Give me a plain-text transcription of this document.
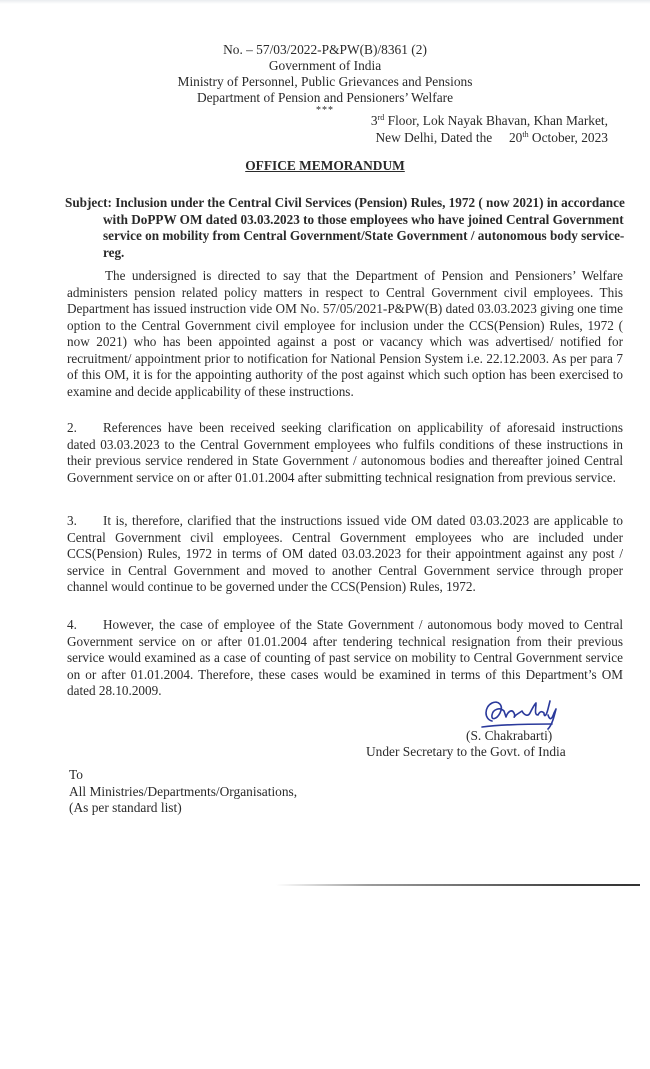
No. – 57/03/2022-P&PW(B)/8361 (2)
Government of India
Ministry of Personnel, Public Grievances and Pensions
Department of Pension and Pensioners’ Welfare
***
3rd Floor, Lok Nayak Bhavan, Khan Market,
New Delhi, Dated the     20th October, 2023
OFFICE MEMORANDUM
Subject: Inclusion under the Central Civil Services (Pension) Rules, 1972 ( now 2021) in accordance with DoPPW OM dated 03.03.2023 to those employees who have joined Central Government service on mobility from Central Government/State Government / autonomous body service- reg.
The undersigned is directed to say that the Department of Pension and Pensioners’ Welfare administers pension related policy matters in respect to Central Government civil employees. This Department has issued instruction vide OM No. 57/05/2021-P&PW(B) dated 03.03.2023 giving one time option to the Central Government civil employee for inclusion under the CCS(Pension) Rules, 1972 ( now 2021) who has been appointed against a post or vacancy which was advertised/ notified for recruitment/ appointment prior to notification for National Pension System i.e. 22.12.2003. As per para 7 of this OM, it is for the appointing authority of the post against which such option has been exercised to examine and decide applicability of these instructions.
2. References have been received seeking clarification on applicability of aforesaid instructions dated 03.03.2023 to the Central Government employees who fulfils conditions of these instructions in their previous service rendered in State Government / autonomous bodies and thereafter joined Central Government service on or after 01.01.2004 after submitting technical resignation from previous service.
3. It is, therefore, clarified that the instructions issued vide OM dated 03.03.2023 are applicable to Central Government civil employees. Central Government employees who are included under CCS(Pension) Rules, 1972 in terms of OM dated 03.03.2023 for their appointment against any post / service in Central Government and moved to another Central Government service through proper channel would continue to be governed under the CCS(Pension) Rules, 1972.
4. However, the case of employee of the State Government / autonomous body moved to Central Government service on or after 01.01.2004 after tendering technical resignation from their previous service would examined as a case of counting of past service on mobility to Central Government service on or after 01.01.2004. Therefore, these cases would be examined in terms of this Department’s OM dated 28.10.2009.
(S. Chakrabarti)
Under Secretary to the Govt. of India
To
All Ministries/Departments/Organisations,
(As per standard list)
